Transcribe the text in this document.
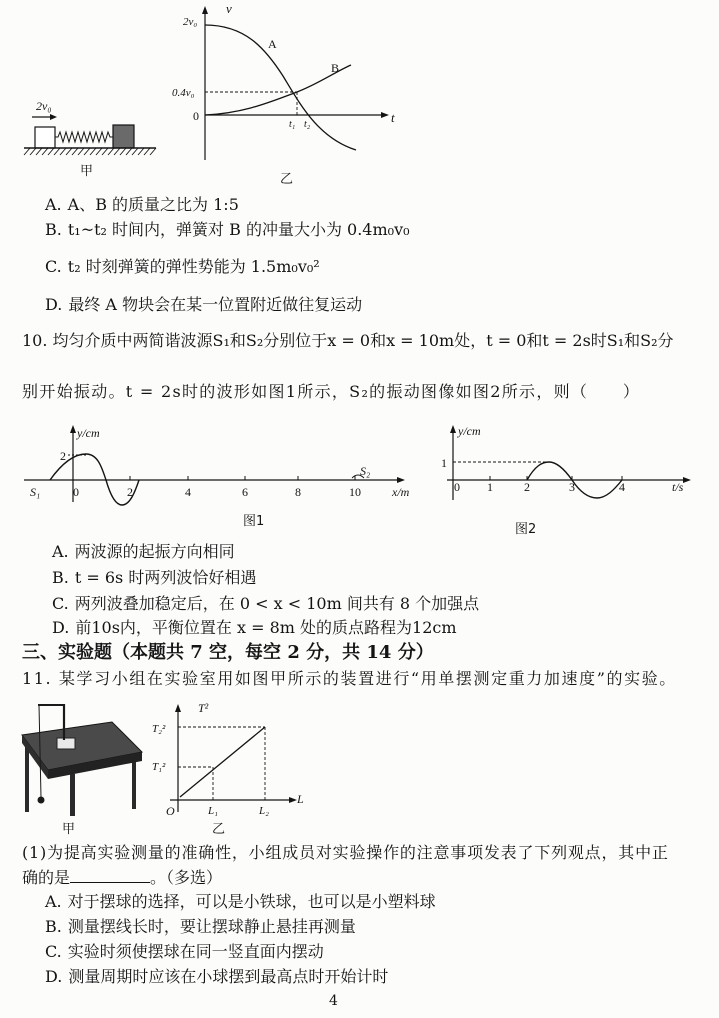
2v₀
甲
v
2v₀
0.4v₀
0	t
A
B
t₁ t₂
乙
A. A、B 的质量之比为 1:5
B. t₁~t₂ 时间内，弹簧对 B 的冲量大小为 0.4m₀v₀
C. t₂ 时刻弹簧的弹性势能为 1.5m₀v₀²
D. 最终 A 物块会在某一位置附近做往复运动
10. 均匀介质中两简谐波源S₁和S₂分别位于x = 0和x = 10m处，t = 0和t = 2s时S₁和S₂分
别开始振动。t = 2s时的波形如图1所示，S₂的振动图像如图2所示，则（　　）
y/cm
2
S₁	0	2	4	6	8	10	x/m
S₂
图1
y/cm
1
0 1	2	3	4	t/s
图2
A. 两波源的起振方向相同
B. t = 6s 时两列波恰好相遇
C. 两列波叠加稳定后，在 0 < x < 10m 间共有 8 个加强点
D. 前10s内，平衡位置在 x = 8m 处的质点路程为12cm
三、实验题（本题共 7 空，每空 2 分，共 14 分）
11. 某学习小组在实验室用如图甲所示的装置进行“用单摆测定重力加速度”的实验。
甲
T²
L
O
T₂²
T₁²
L₁	L₂
乙
(1)为提高实验测量的准确性，小组成员对实验操作的注意事项发表了下列观点，其中正
确的是	。（多选）
A. 对于摆球的选择，可以是小铁球，也可以是小塑料球
B. 测量摆线长时，要让摆球静止悬挂再测量
C. 实验时须使摆球在同一竖直面内摆动
D. 测量周期时应该在小球摆到最高点时开始计时
4
